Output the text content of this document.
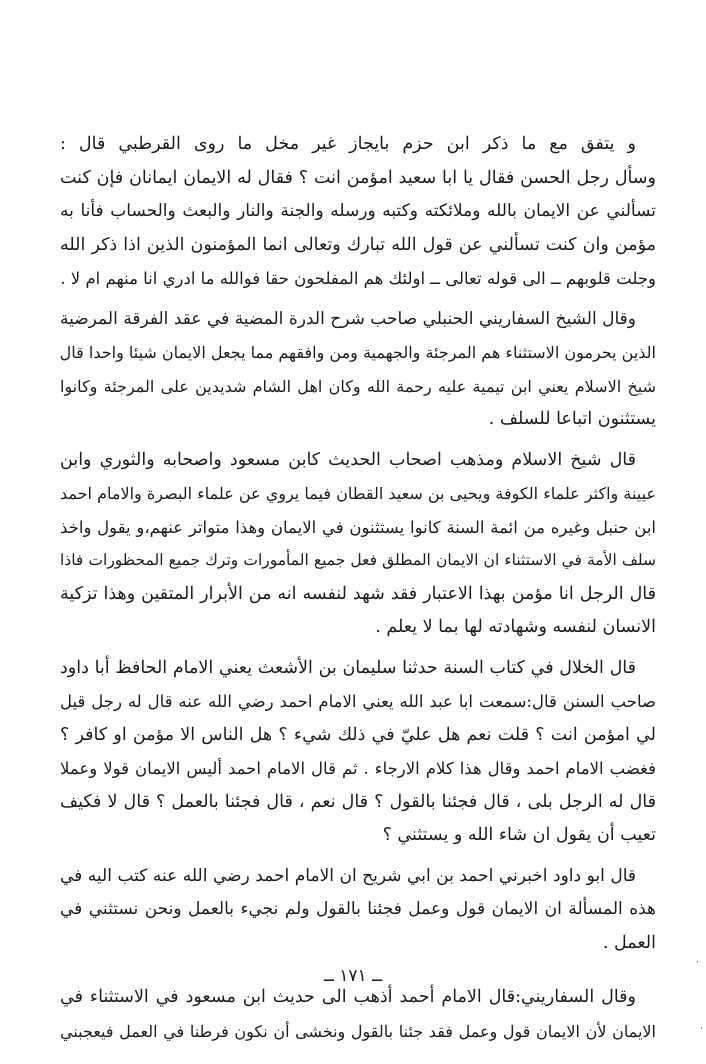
و يتفق مع ما ذكر ابن حزم بايجاز غير مخل ما روى القرطبي قال :
وسأل رجل الحسن فقال يا ابا سعيد امؤمن انت ؟ فقال له الايمان ايمانان فإن كنت
تسألني عن الايمان بالله وملائكته وكتبه ورسله والجنة والنار والبعث والحساب فأنا به
مؤمن وان كنت تسألني عن قول الله تبارك وتعالى انما المؤمنون الذين اذا ذكر الله
وجلت قلوبهم ــ الى قوله تعالى ــ اولئك هم المفلحون حقا فوالله ما ادري انا منهم ام لا .
وقال الشيخ السفاريني الحنبلي صاحب شرح الدرة المضية في عقد الفرقة المرضية
الذين يحرمون الاستثناء هم المرجئة والجهمية ومن وافقهم مما يجعل الايمان شيئا واحدا قال
شيخ الاسلام يعني ابن تيمية عليه رحمة الله وكان اهل الشام شديدين على المرجئة وكانوا
يستثنون اتباعا للسلف .
قال شيخ الاسلام ومذهب اصحاب الحديث كابن مسعود واصحابه والثوري وابن
عيينة واكثر علماء الكوفة ويحيى بن سعيد القطان فيما يروي عن علماء البصرة والامام احمد
ابن حنبل وغيره من ائمة السنة كانوا يستثنون في الايمان وهذا متواتر عنهم،و يقول واخذ
سلف الأمة في الاستثناء ان الايمان المطلق فعل جميع المأمورات وترك جميع المحظورات فاذا
قال الرجل انا مؤمن بهذا الاعتبار فقد شهد لنفسه انه من الأبرار المتقين وهذا تزكية
الانسان لنفسه وشهادته لها بما لا يعلم .
قال الخلال في كتاب السنة حدثنا سليمان بن الأشعث يعني الامام الحافظ أبا داود
صاحب السنن قال:سمعت ابا عبد الله يعني الامام احمد رضي الله عنه قال له رجل قيل
لي امؤمن انت ؟ قلت نعم هل عليّ في ذلك شيء ؟ هل الناس الا مؤمن او كافر ؟
فغضب الامام احمد وقال هذا كلام الارجاء . ثم قال الامام احمد أليس الايمان قولا وعملا
قال له الرجل بلى ، قال فجئنا بالقول ؟ قال نعم ، قال فجئنا بالعمل ؟ قال لا فكيف
تعيب أن يقول ان شاء الله و يستثني ؟
قال ابو داود اخبرني احمد بن ابي شريح ان الامام احمد رضي الله عنه كتب اليه في
هذه المسألة ان الايمان قول وعمل فجئنا بالقول ولم نجيء بالعمل ونحن نستثني في
العمل .
وقال السفاريني:قال الامام أحمد أذهب الى حديث ابن مسعود في الاستثناء في
الايمان لأن الايمان قول وعمل فقد جئنا بالقول ونخشى أن نكون فرطنا في العمل فيعجبني
ــ ١٧١ ــ
·
·
